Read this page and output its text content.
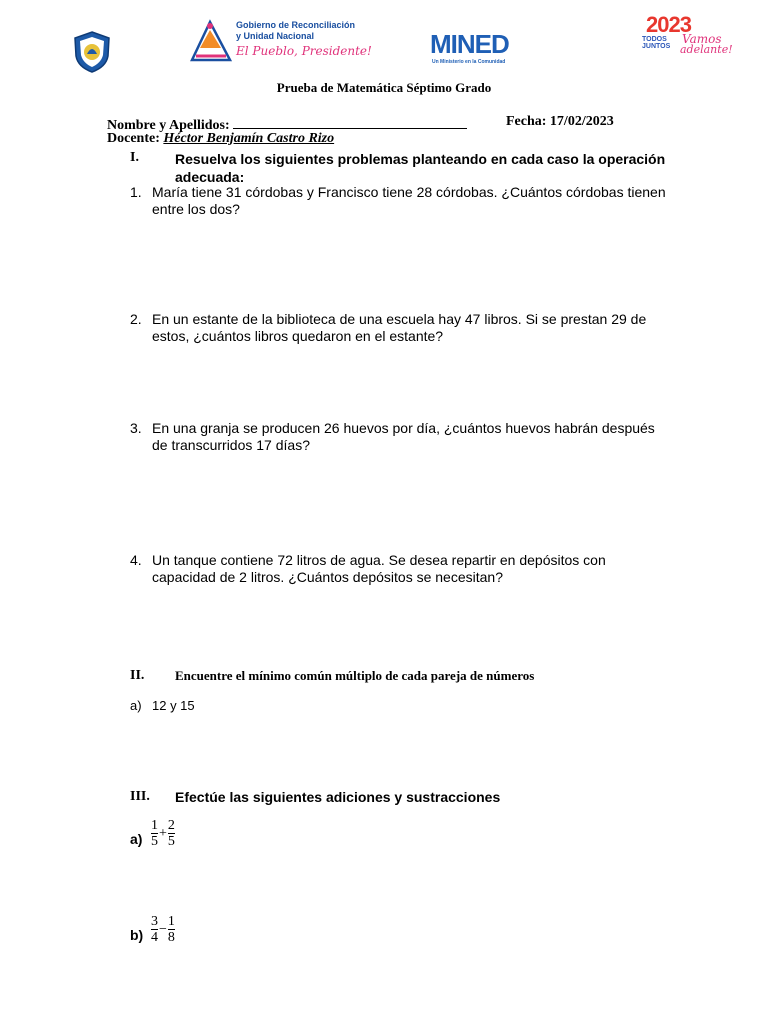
Gobierno de Reconciliación
y Unidad Nacional
El Pueblo, Presidente! MINED
Un Ministerio en la Comunidad
2023
TODOS
JUNTOS
Vamos
adelante!
Prueba de Matemática Séptimo Grado
Nombre y Apellidos:	Fecha: 17/02/2023
Docente: Héctor Benjamín Castro Rizo
I.	Resuelva los siguientes problemas planteando en cada caso la operación adecuada:
1. María tiene 31 córdobas y Francisco tiene 28 córdobas. ¿Cuántos córdobas tienen entre los dos?
2. En un estante de la biblioteca de una escuela hay 47 libros. Si se prestan 29 de estos, ¿cuántos libros quedaron en el estante?
3. En una granja se producen 26 huevos por día, ¿cuántos huevos habrán después de transcurridos 17 días?
4. Un tanque contiene 72 litros de agua. Se desea repartir en depósitos con capacidad de 2 litros. ¿Cuántos depósitos se necesitan?
II. Encuentre el mínimo común múltiplo de cada pareja de números
a) 12 y 15
III. Efectúe las siguientes adiciones y sustracciones
$a) \frac{1}{5} + \frac{2}{5}$
$b) \frac{3}{4} - \frac{1}{8}$
